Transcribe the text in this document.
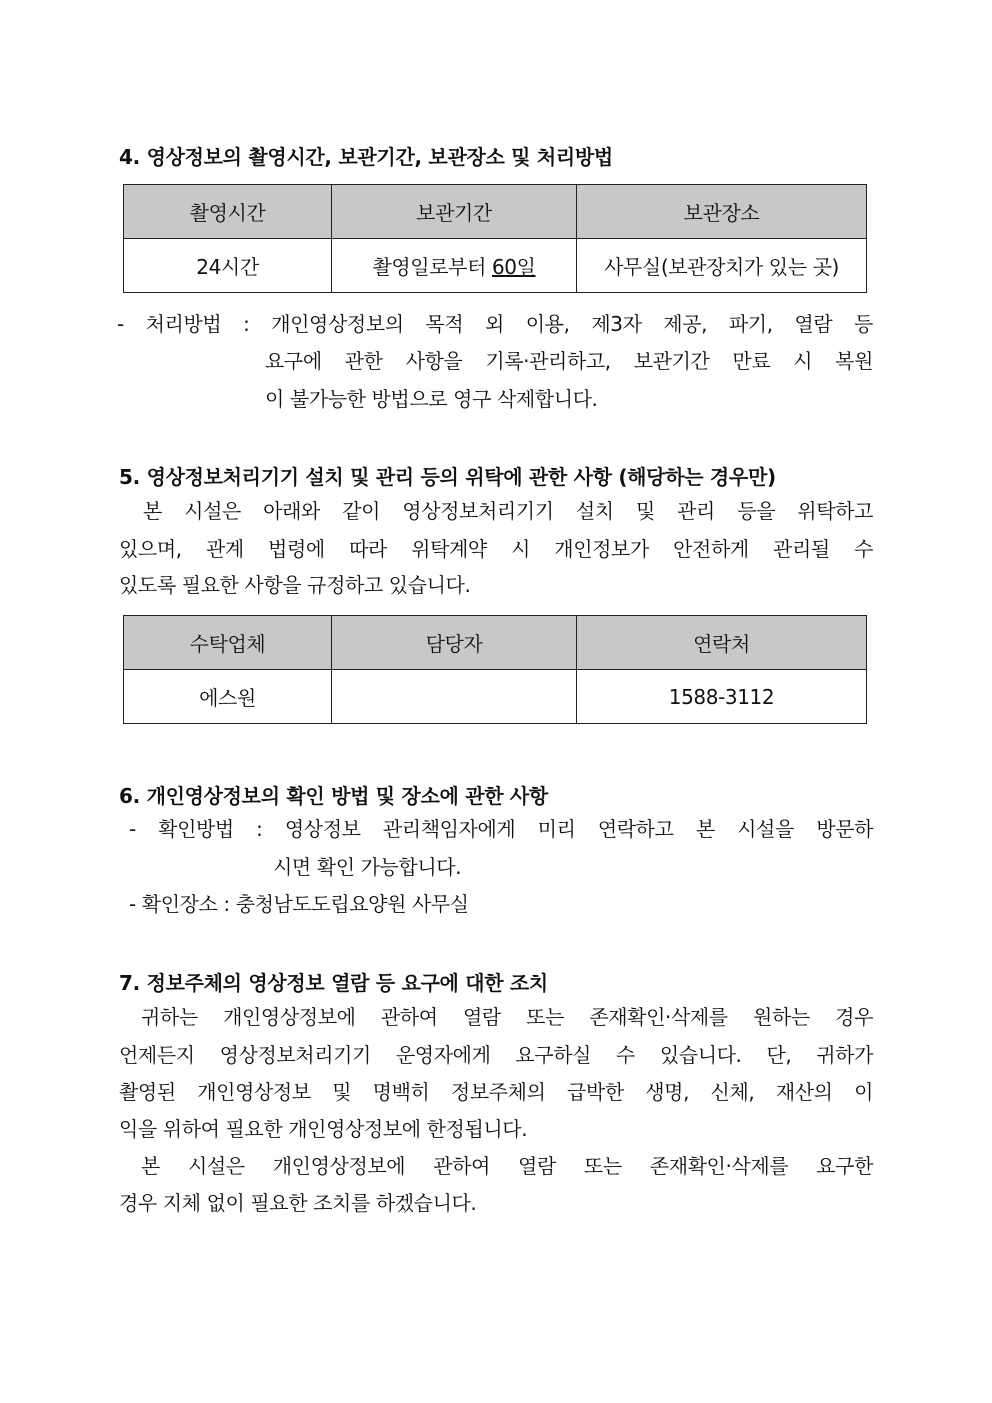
4. 영상정보의 촬영시간, 보관기간, 보관장소 및 처리방법
촬영시간	보관기간	보관장소
24시간	촬영일로부터 60일	사무실(보관장치가 있는 곳)
- 처리방법 : 개인영상정보의 목적 외 이용, 제3자 제공, 파기, 열람 등
요구에 관한 사항을 기록·관리하고, 보관기간 만료 시 복원
이 불가능한 방법으로 영구 삭제합니다.
5. 영상정보처리기기 설치 및 관리 등의 위탁에 관한 사항 (해당하는 경우만)
본 시설은 아래와 같이 영상정보처리기기 설치 및 관리 등을 위탁하고
있으며, 관계 법령에 따라 위탁계약 시 개인정보가 안전하게 관리될 수
있도록 필요한 사항을 규정하고 있습니다.
수탁업체	담당자	연락처
에스원		1588-3112
6. 개인영상정보의 확인 방법 및 장소에 관한 사항
- 확인방법 : 영상정보 관리책임자에게 미리 연락하고 본 시설을 방문하
시면 확인 가능합니다.
- 확인장소 : 충청남도도립요양원 사무실
7. 정보주체의 영상정보 열람 등 요구에 대한 조치
귀하는 개인영상정보에 관하여 열람 또는 존재확인·삭제를 원하는 경우
언제든지 영상정보처리기기 운영자에게 요구하실 수 있습니다. 단, 귀하가
촬영된 개인영상정보 및 명백히 정보주체의 급박한 생명, 신체, 재산의 이
익을 위하여 필요한 개인영상정보에 한정됩니다.
본 시설은 개인영상정보에 관하여 열람 또는 존재확인·삭제를 요구한
경우 지체 없이 필요한 조치를 하겠습니다.
